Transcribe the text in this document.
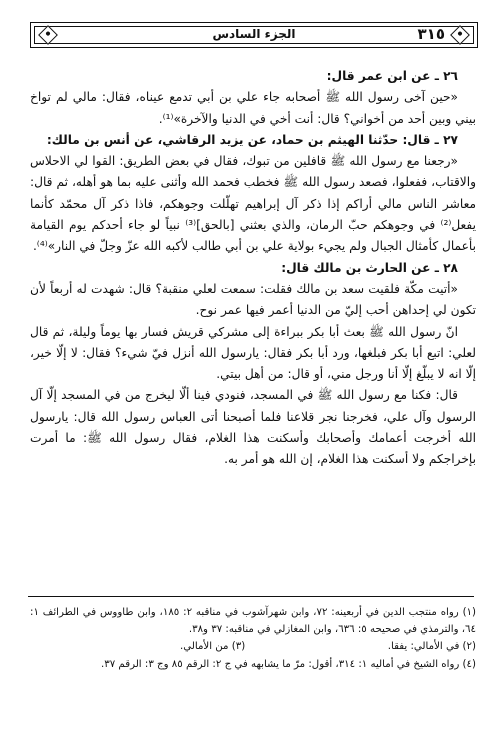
٣١٥
الجزء السادس

٢٦ ـ عن ابن عمر قال:

«حين آخى رسول الله ﷺ أصحابه جاء علي بن أبي تدمع عيناه، فقال: مالي لم تواخ بيني وبين أحد من أخواني؟ قال: أنت أخي في الدنيا والآخرة»⁽¹⁾.

٢٧ ـ قال: حدّثنا الهيثم بن حماد، عن يزيد الرقاشي، عن أنس بن مالك:

«رجعنا مع رسول الله ﷺ قافلين من تبوك، فقال في بعض الطريق: القوا لي الاحلاس والاقتاب، ففعلوا، فصعد رسول الله ﷺ فخطب فحمد الله وأثنى عليه بما هو أهله، ثم قال: معاشر الناس مالي أراكم إذا ذكر آل إبراهيم تهلّلت وجوهكم، فاذا ذكر آل محمّد كأنما يفعل⁽²⁾ في وجوهكم حبّ الرمان، والذي بعثني [بالحق]⁽³⁾ نبياً لو جاء أحدكم يوم القيامة بأعمال كأمثال الجبال ولم يجيء بولاية علي بن أبي طالب لأكبه الله عزّ وجلّ في النار»⁽⁴⁾.

٢٨ ـ عن الحارث بن مالك قال:

«أتيت مكّة فلقيت سعد بن مالك فقلت: سمعت لعلي منقبة؟ قال: شهدت له أربعاً لأن تكون لي إحداهن أحب إليّ من الدنيا أعمر فيها عمر نوح.

انّ رسول الله ﷺ بعث أبا بكر ببراءة إلى مشركي قريش فسار بها يوماً وليلة، ثم قال لعلي: اتبع أبا بكر فبلغها، ورد أبا بكر فقال: يارسول الله أنزل فيّ شيء؟ فقال: لا إلّا خير، إلّا انه لا يبلّغ إلّا أنا ورجل مني، أو قال: من أهل بيتي.

قال: فكنا مع رسول الله ﷺ في المسجد، فنودي فينا ألّا ليخرج من في المسجد إلّا آل الرسول وآل علي، فخرجنا نجر قلاعنا فلما أصبحنا أتى العباس رسول الله قال: يارسول الله أخرجت أعمامك وأصحابك وأسكنت هذا الغلام، فقال رسول الله ﷺ: ما أمرت بإخراجكم ولا أسكنت هذا الغلام، إن الله هو أمر به.

(١) رواه منتجب الدين في أربعينه: ٧٢، وابن شهرآشوب في مناقبه ٢: ١٨٥، وابن طاووس في الطرائف ١: ٦٤، والترمذي في صحيحه ٥: ٦٣٦، وابن المغازلي في مناقبه: ٣٧ و٣٨.

(٢) في الأمالي: يفقا.
(٣) من الأمالي.

(٤) رواه الشيخ في أماليه ١: ٣١٤، أقول: مرّ ما يشابهه في ج ٢: الرقم ٨٥ وج ٣: الرقم ٣٧.
